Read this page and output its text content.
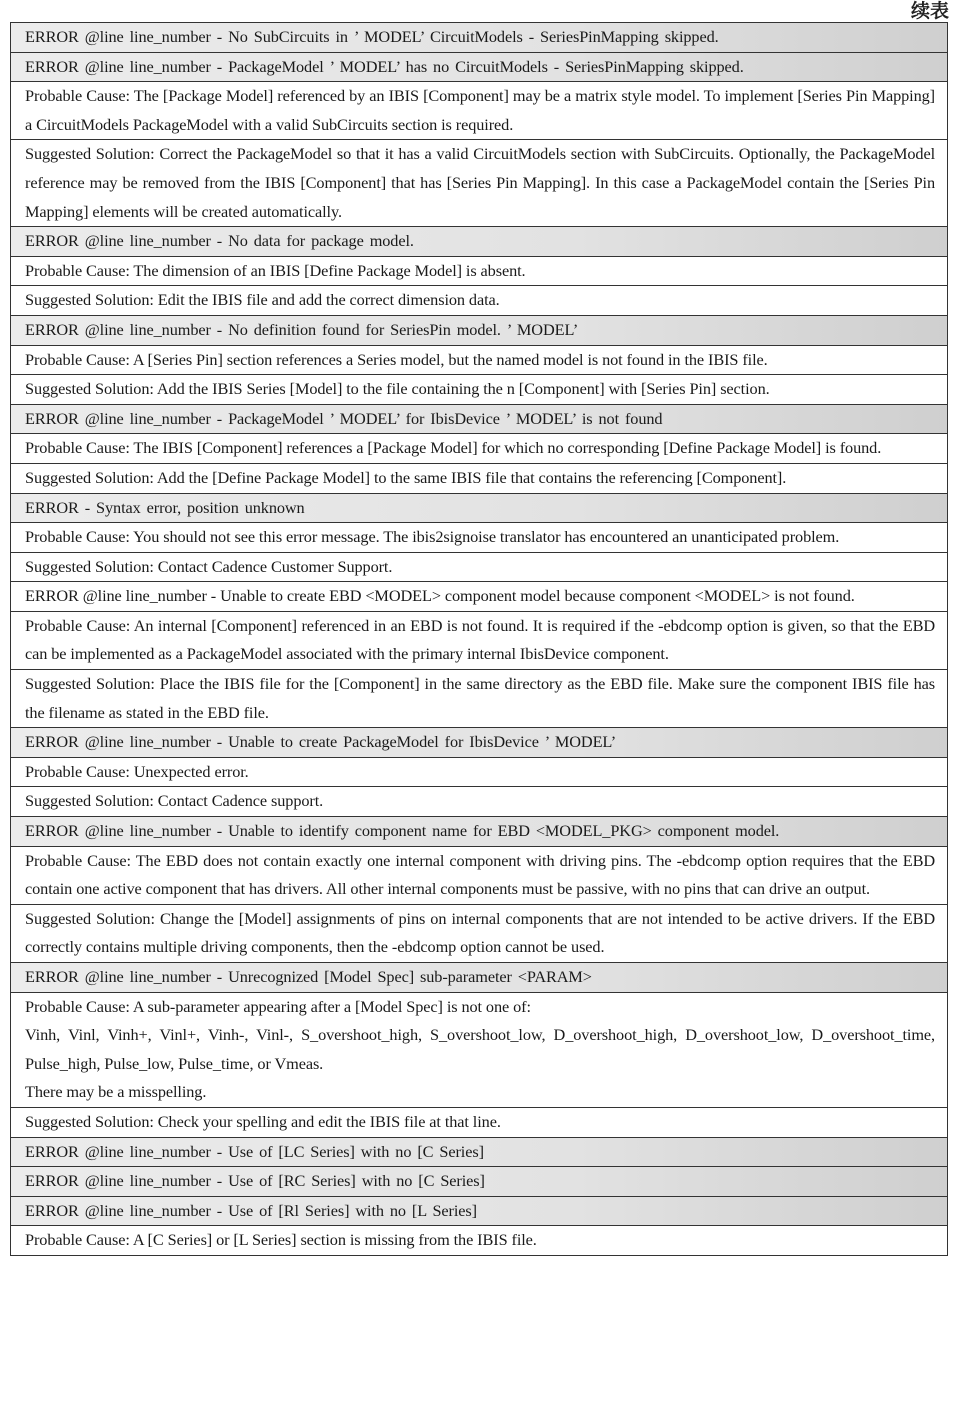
续表
ERROR @line line_number - No SubCircuits in ’ MODEL’ CircuitModels - SeriesPinMapping skipped.
ERROR @line line_number - PackageModel ’ MODEL’ has no CircuitModels - SeriesPinMapping skipped.
Probable Cause: The [Package Model] referenced by an IBIS [Component] may be a matrix style model. To implement [Series Pin Mapping] a CircuitModels PackageModel with a valid SubCircuits section is required.
Suggested Solution: Correct the PackageModel so that it has a valid CircuitModels section with SubCircuits. Optionally, the PackageModel reference may be removed from the IBIS [Component] that has [Series Pin Mapping]. In this case a PackageModel contain the [Series Pin Mapping] elements will be created automatically.
ERROR @line line_number - No data for package model.
Probable Cause: The dimension of an IBIS [Define Package Model] is absent.
Suggested Solution: Edit the IBIS file and add the correct dimension data.
ERROR @line line_number - No definition found for SeriesPin model. ’ MODEL’
Probable Cause: A [Series Pin] section references a Series model, but the named model is not found in the IBIS file.
Suggested Solution: Add the IBIS Series [Model] to the file containing the n [Component] with [Series Pin] section.
ERROR @line line_number - PackageModel ’ MODEL’ for IbisDevice ’ MODEL’ is not found
Probable Cause: The IBIS [Component] references a [Package Model] for which no corresponding [Define Package Model] is found.
Suggested Solution: Add the [Define Package Model] to the same IBIS file that contains the referencing [Component].
ERROR - Syntax error, position unknown
Probable Cause: You should not see this error message. The ibis2signoise translator has encountered an unanticipated problem.
Suggested Solution: Contact Cadence Customer Support.
ERROR @line line_number - Unable to create EBD <MODEL> component model because component <MODEL> is not found.
Probable Cause: An internal [Component] referenced in an EBD is not found. It is required if the -ebdcomp option is given, so that the EBD can be implemented as a PackageModel associated with the primary internal IbisDevice component.
Suggested Solution: Place the IBIS file for the [Component] in the same directory as the EBD file. Make sure the component IBIS file has the filename as stated in the EBD file.
ERROR @line line_number - Unable to create PackageModel for IbisDevice ’ MODEL’
Probable Cause: Unexpected error.
Suggested Solution: Contact Cadence support.
ERROR @line line_number - Unable to identify component name for EBD <MODEL_PKG> component model.
Probable Cause: The EBD does not contain exactly one internal component with driving pins. The -ebdcomp option requires that the EBD contain one active component that has drivers. All other internal components must be passive, with no pins that can drive an output.
Suggested Solution: Change the [Model] assignments of pins on internal components that are not intended to be active drivers. If the EBD correctly contains multiple driving components, then the -ebdcomp option cannot be used.
ERROR @line line_number - Unrecognized [Model Spec] sub-parameter <PARAM>
Probable Cause: A sub-parameter appearing after a [Model Spec] is not one of:
Vinh, Vinl, Vinh+, Vinl+, Vinh-, Vinl-, S_overshoot_high, S_overshoot_low, D_overshoot_high, D_overshoot_low, D_overshoot_time, Pulse_high, Pulse_low, Pulse_time, or Vmeas.
There may be a misspelling.
Suggested Solution: Check your spelling and edit the IBIS file at that line.
ERROR @line line_number - Use of [LC Series] with no [C Series]
ERROR @line line_number - Use of [RC Series] with no [C Series]
ERROR @line line_number - Use of [Rl Series] with no [L Series]
Probable Cause: A [C Series] or [L Series] section is missing from the IBIS file.
